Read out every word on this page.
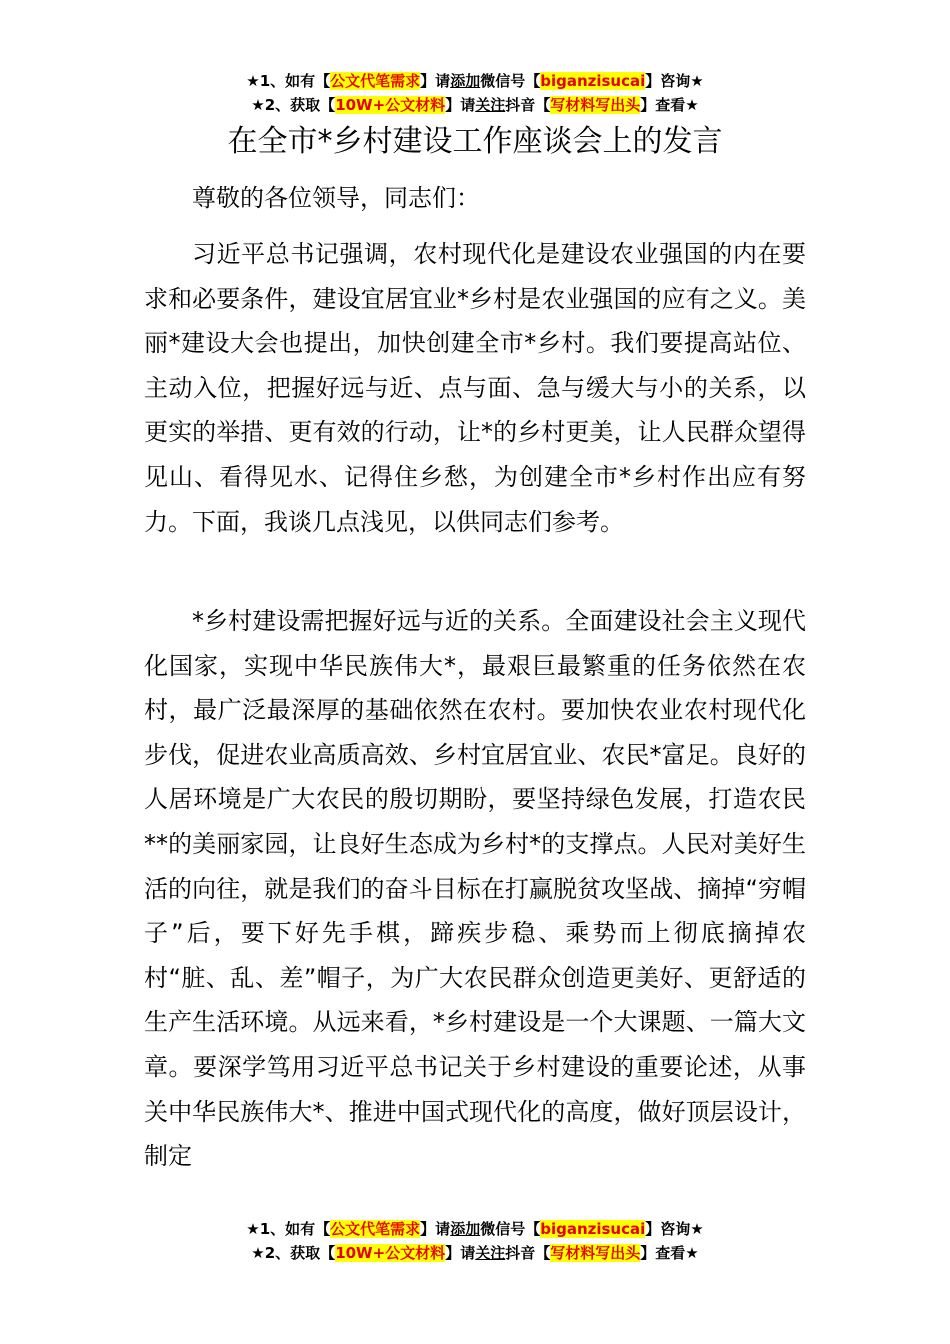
★1、如有【公文代笔需求】请添加微信号【biganzisucai】咨询★
★2、获取【10W+公文材料】请关注抖音【写材料写出头】查看★
在全市*乡村建设工作座谈会上的发言

尊敬的各位领导，同志们：

习近平总书记强调，农村现代化是建设农业强国的内在要求和必要条件，建设宜居宜业*乡村是农业强国的应有之义。美丽*建设大会也提出，加快创建全市*乡村。我们要提高站位、主动入位，把握好远与近、点与面、急与缓大与小的关系，以更实的举措、更有效的行动，让*的乡村更美，让人民群众望得见山、看得见水、记得住乡愁，为创建全市*乡村作出应有努力。下面，我谈几点浅见，以供同志们参考。

*乡村建设需把握好远与近的关系。全面建设社会主义现代化国家，实现中华民族伟大*，最艰巨最繁重的任务依然在农村，最广泛最深厚的基础依然在农村。要加快农业农村现代化步伐，促进农业高质高效、乡村宜居宜业、农民*富足。良好的人居环境是广大农民的殷切期盼，要坚持绿色发展，打造农民**的美丽家园，让良好生态成为乡村*的支撑点。人民对美好生活的向往，就是我们的奋斗目标在打赢脱贫攻坚战、摘掉“穷帽子”后，要下好先手棋，蹄疾步稳、乘势而上彻底摘掉农村“脏、乱、差”帽子，为广大农民群众创造更美好、更舒适的生产生活环境。从远来看，*乡村建设是一个大课题、一篇大文章。要深学笃用习近平总书记关于乡村建设的重要论述，从事关中华民族伟大*、推进中国式现代化的高度，做好顶层设计，制定

★1、如有【公文代笔需求】请添加微信号【biganzisucai】咨询★
★2、获取【10W+公文材料】请关注抖音【写材料写出头】查看★
